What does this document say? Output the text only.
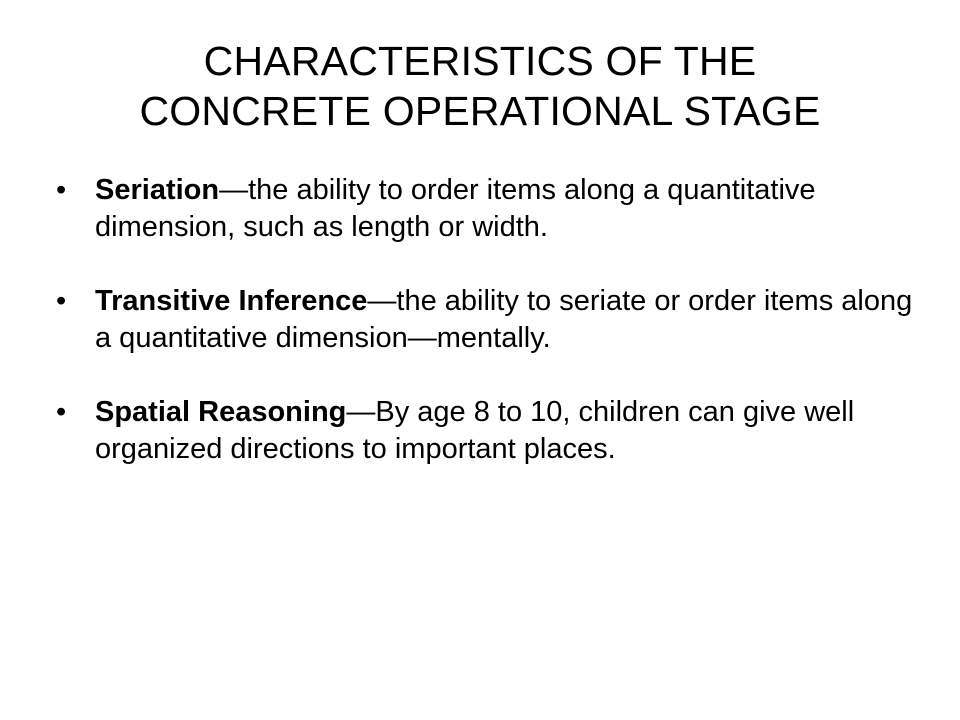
CHARACTERISTICS OF THE
CONCRETE OPERATIONAL STAGE
• Seriation—the ability to order items along a quantitative dimension, such as length or width.
• Transitive Inference—the ability to seriate or order items along a quantitative dimension—mentally.
• Spatial Reasoning—By age 8 to 10, children can give well organized directions to important places.
